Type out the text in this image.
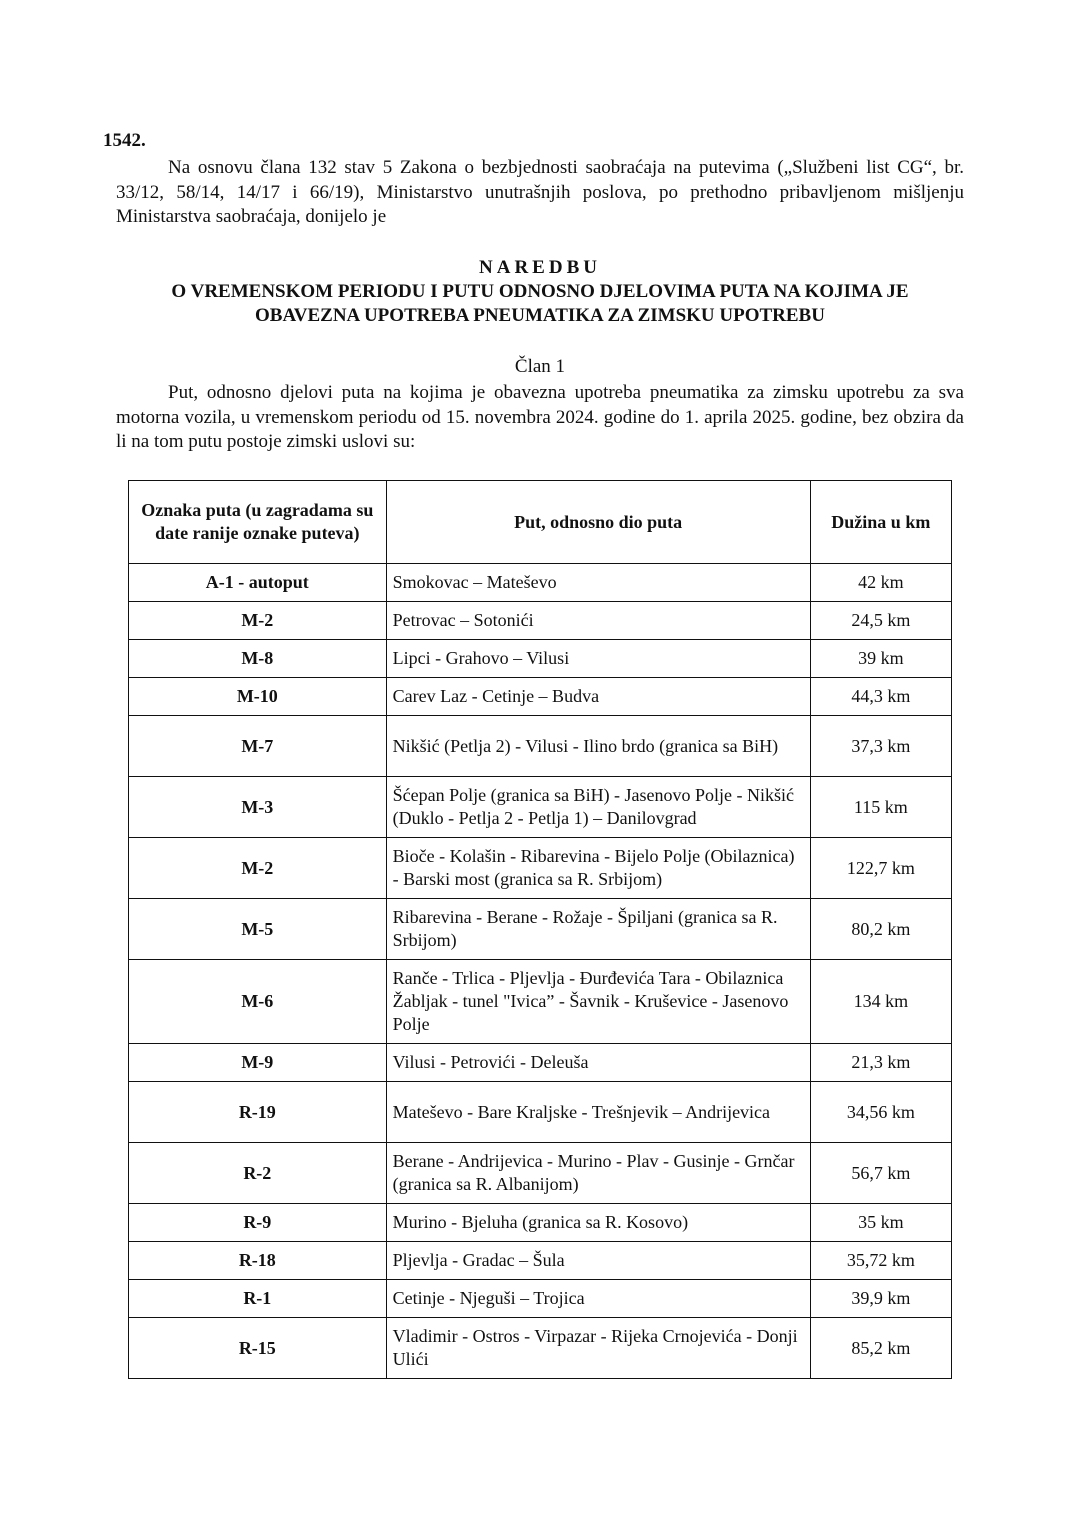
1542.

Na osnovu člana 132 stav 5 Zakona o bezbjednosti saobraćaja na putevima („Službeni list CG“, br. 33/12, 58/14, 14/17 i 66/19), Ministarstvo unutrašnjih poslova, po prethodno pribavljenom mišljenju Ministarstva saobraćaja, donijelo je

NAREDBU
O VREMENSKOM PERIODU I PUTU ODNOSNO DJELOVIMA PUTA NA KOJIMA JE
OBAVEZNA UPOTREBA PNEUMATIKA ZA ZIMSKU UPOTREBU
Član 1

Put, odnosno djelovi puta na kojima je obavezna upotreba pneumatika za zimsku upotrebu za sva motorna vozila, u vremenskom periodu od 15. novembra 2024. godine do 1. aprila 2025. godine, bez obzira da li na tom putu postoje zimski uslovi su:

Oznaka puta (u zagradama su date ranije oznake puteva)	Put, odnosno dio puta	Dužina u km
A-1 - autoput	Smokovac – Mateševo	42 km
M-2	Petrovac – Sotonići	24,5 km
M-8	Lipci - Grahovo – Vilusi	39 km
M-10	Carev Laz - Cetinje – Budva	44,3 km
M-7	Nikšić (Petlja 2) - Vilusi - Ilino brdo (granica sa BiH)	37,3 km
M-3	Šćepan Polje (granica sa BiH) - Jasenovo Polje - Nikšić (Duklo - Petlja 2 - Petlja 1) – Danilovgrad	115 km
M-2	Bioče - Kolašin - Ribarevina - Bijelo Polje (Obilaznica) - Barski most (granica sa R. Srbijom)	122,7 km
M-5	Ribarevina - Berane - Rožaje - Špiljani (granica sa R. Srbijom)	80,2 km
M-6	Ranče - Trlica - Pljevlja - Đurđevića Tara - Obilaznica Žabljak - tunel "Ivica” - Šavnik - Kruševice - Jasenovo Polje	134 km
M-9	Vilusi - Petrovići - Deleuša	21,3 km
R-19	Mateševo - Bare Kraljske - Trešnjevik – Andrijevica	34,56 km
R-2	Berane - Andrijevica - Murino - Plav - Gusinje - Grnčar (granica sa R. Albanijom)	56,7 km
R-9	Murino - Bjeluha (granica sa R. Kosovo)	35 km
R-18	Pljevlja - Gradac – Šula	35,72 km
R-1	Cetinje - Njeguši – Trojica	39,9 km
R-15	Vladimir - Ostros - Virpazar - Rijeka Crnojevića - Donji Ulići	85,2 km
